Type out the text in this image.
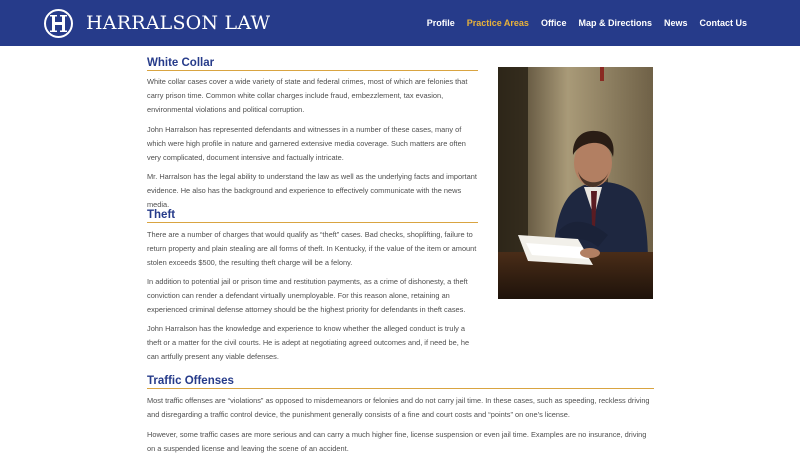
HARRALSON LAW	Profile Practice Areas Office Map & Directions News Contact Us
White Collar

White collar cases cover a wide variety of state and federal crimes, most of which are felonies that carry prison time. Common white collar charges include fraud, embezzlement, tax evasion, environmental violations and political corruption.

John Harralson has represented defendants and witnesses in a number of these cases, many of which were high profile in nature and garnered extensive media coverage. Such matters are often very complicated, document intensive and factually intricate.

Mr. Harralson has the legal ability to understand the law as well as the underlying facts and important evidence. He also has the background and experience to effectively communicate with the news media.

Theft

There are a number of charges that would qualify as “theft” cases. Bad checks, shoplifting, failure to return property and plain stealing are all forms of theft. In Kentucky, if the value of the item or amount stolen exceeds $500, the resulting theft charge will be a felony.

In addition to potential jail or prison time and restitution payments, as a crime of dishonesty, a theft conviction can render a defendant virtually unemployable. For this reason alone, retaining an experienced criminal defense attorney should be the highest priority for defendants in theft cases.

John Harralson has the knowledge and experience to know whether the alleged conduct is truly a theft or a matter for the civil courts. He is adept at negotiating agreed outcomes and, if need be, he can artfully present any viable defenses.

Traffic Offenses

Most traffic offenses are “violations” as opposed to misdemeanors or felonies and do not carry jail time. In these cases, such as speeding, reckless driving and disregarding a traffic control device, the punishment generally consists of a fine and court costs and “points” on one’s license.

However, some traffic cases are more serious and can carry a much higher fine, license suspension or even jail time. Examples are no insurance, driving on a suspended license and leaving the scene of an accident.
